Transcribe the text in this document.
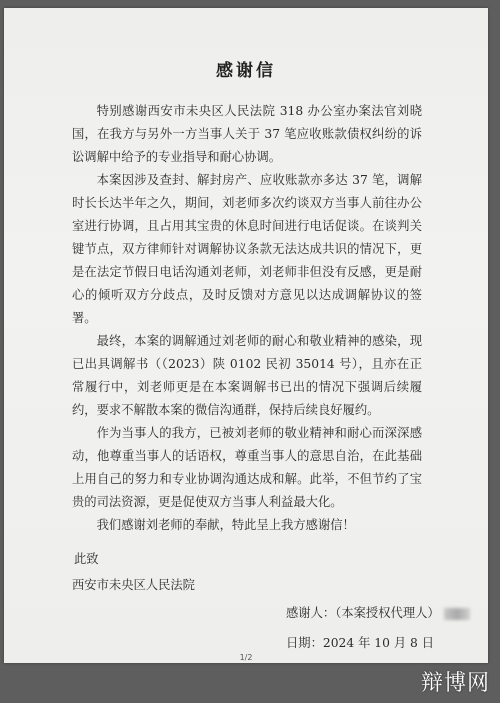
感谢信

特别感谢西安市未央区人民法院 318 办公室办案法官刘晓国，在我方与另外一方当事人关于 37 笔应收账款债权纠纷的诉讼调解中给予的专业指导和耐心协调。

本案因涉及查封、解封房产、应收账款亦多达 37 笔，调解时长长达半年之久，期间，刘老师多次约谈双方当事人前往办公室进行协调，且占用其宝贵的休息时间进行电话促谈。在谈判关键节点，双方律师针对调解协议条款无法达成共识的情况下，更是在法定节假日电话沟通刘老师，刘老师非但没有反感，更是耐心的倾听双方分歧点，及时反馈对方意见以达成调解协议的签署。

最终，本案的调解通过刘老师的耐心和敬业精神的感染，现已出具调解书（（2023）陕 0102 民初 35014 号），且亦在正常履行中，刘老师更是在本案调解书已出的情况下强调后续履约，要求不解散本案的微信沟通群，保持后续良好履约。

作为当事人的我方，已被刘老师的敬业精神和耐心而深深感动，他尊重当事人的话语权，尊重当事人的意思自治，在此基础上用自己的努力和专业协调沟通达成和解。此举，不但节约了宝贵的司法资源，更是促使双方当事人利益最大化。

我们感谢刘老师的奉献，特此呈上我方感谢信！

此致
西安市未央区人民法院
感谢人：（本案授权代理人）
日期：2024 年 10 月 8 日
1/2
辩博网
